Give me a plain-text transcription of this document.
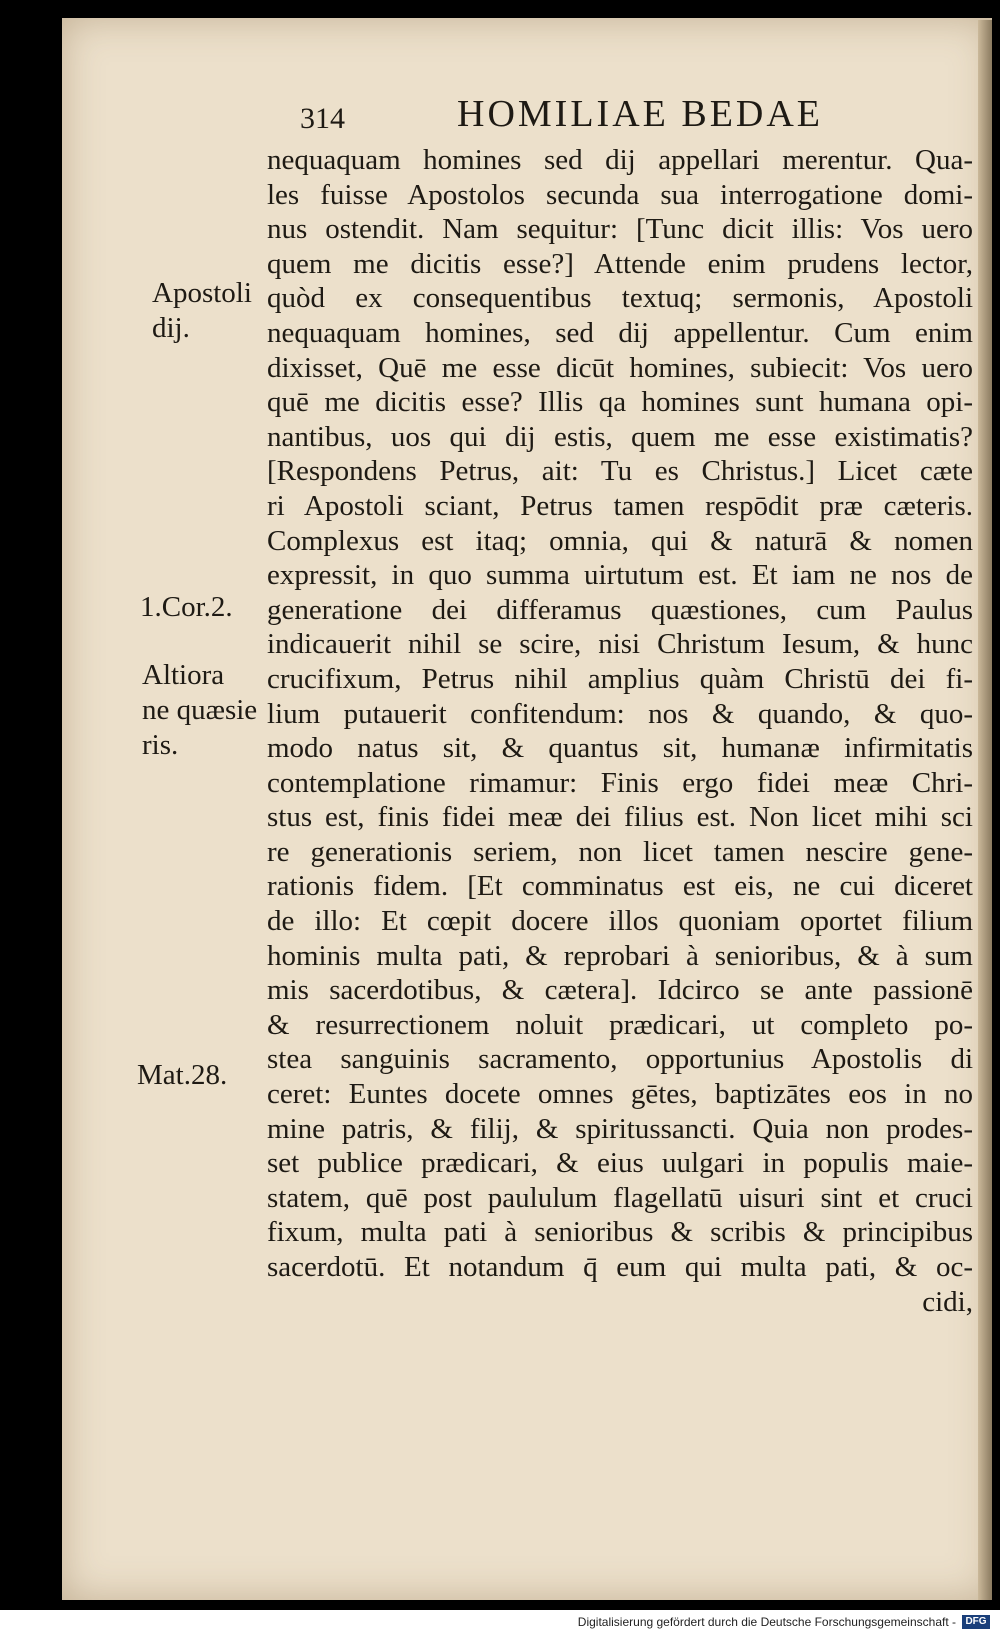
314	HOMILIAE BEDAE
nequaquam homines sed dij appellari merentur. Qua-
les fuisse Apostolos secunda sua interrogatione domi-
nus ostendit. Nam sequitur: [Tunc dicit illis: Vos uero
quem me dicitis esse?] Attende enim prudens lector,
quòd ex consequentibus textuq; sermonis, Apostoli
nequaquam homines, sed dij appellentur. Cum enim
dixisset, Quē me esse dicūt homines, subiecit: Vos uero
quē me dicitis esse? Illis qa homines sunt humana opi-
nantibus, uos qui dij estis, quem me esse existimatis?
[Respondens Petrus, ait: Tu es Christus.] Licet cæte
ri Apostoli sciant, Petrus tamen respōdit præ cæteris.
Complexus est itaq; omnia, qui & naturā & nomen
expressit, in quo summa uirtutum est. Et iam ne nos de
generatione dei differamus quæstiones, cum Paulus
indicauerit nihil se scire, nisi Christum Iesum, & hunc
crucifixum, Petrus nihil amplius quàm Christū dei fi-
lium putauerit confitendum: nos & quando, & quo-
modo natus sit, & quantus sit, humanæ infirmitatis
contemplatione rimamur: Finis ergo fidei meæ Chri-
stus est, finis fidei meæ dei filius est. Non licet mihi sci
re generationis seriem, non licet tamen nescire gene-
rationis fidem. [Et comminatus est eis, ne cui diceret
de illo: Et cœpit docere illos quoniam oportet filium
hominis multa pati, & reprobari à senioribus, & à sum
mis sacerdotibus, & cætera]. Idcirco se ante passionē
& resurrectionem noluit prædicari, ut completo po-
stea sanguinis sacramento, opportunius Apostolis di
ceret: Euntes docete omnes gētes, baptizātes eos in no
mine patris, & filij, & spiritussancti. Quia non prodes-
set publice prædicari, & eius uulgari in populis maie-
statem, quē post paululum flagellatū uisuri sint et cruci
fixum, multa pati à senioribus & scribis & principibus
sacerdotū. Et notandum q̄ eum qui multa pati, & oc-
cidi,
Apostoli
dij.
1.Cor.2.
Altiora
ne quæsie
ris.
Mat.28.
Digitalisierung gefördert durch die Deutsche Forschungsgemeinschaft - DFG
